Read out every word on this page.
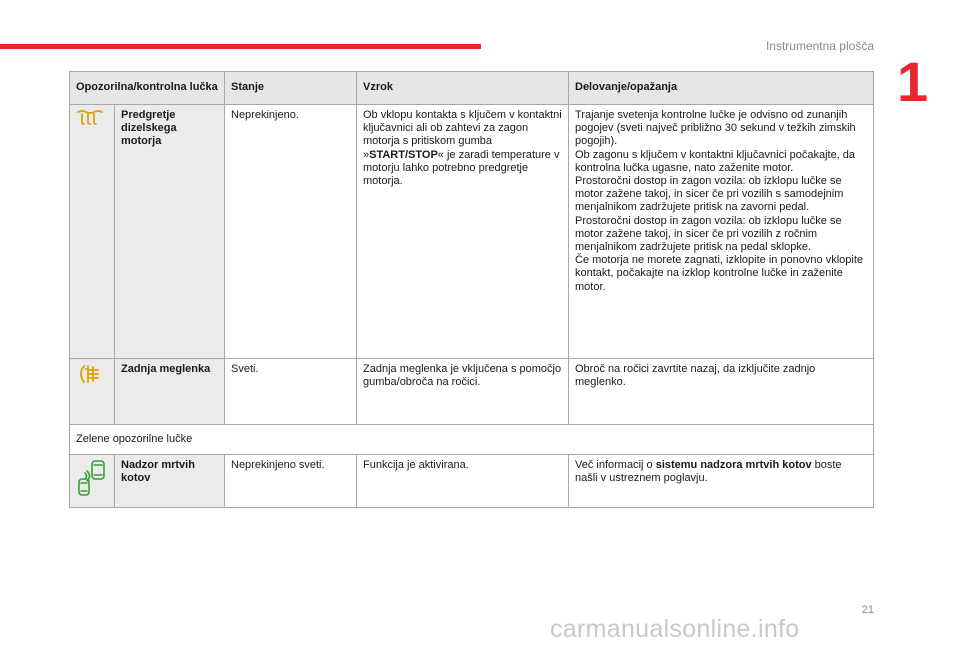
Instrumentna plošča
1
Opozorilna/kontrolna lučka		Stanje	Vzrok	Delovanje/opažanja
	Predgretje dizelskega motorja	Neprekinjeno.	Ob vklopu kontakta s ključem v kontaktni ključavnici ali ob zahtevi za zagon motorja s pritiskom gumba »START/STOP« je zaradi temperature v motorju lahko potrebno predgretje motorja.	Trajanje svetenja kontrolne lučke je odvisno od zunanjih pogojev (sveti največ približno 30 sekund v težkih zimskih pogojih).
Ob zagonu s ključem v kontaktni ključavnici počakajte, da kontrolna lučka ugasne, nato zaženite motor.
Prostoročni dostop in zagon vozila: ob izklopu lučke se motor zažene takoj, in sicer če pri vozilih s samodejnim menjalnikom zadržujete pritisk na zavorni pedal.
Prostoročni dostop in zagon vozila: ob izklopu lučke se motor zažene takoj, in sicer če pri vozilih z ročnim menjalnikom zadržujete pritisk na pedal sklopke.
Če motorja ne morete zagnati, izklopite in ponovno vklopite kontakt, počakajte na izklop kontrolne lučke in zaženite motor.

	Zadnja meglenka	Sveti.	Zadnja meglenka je vključena s pomočjo gumba/obroča na ročici.	Obroč na ročici zavrtite nazaj, da izključite zadnjo meglenko.
Zelene opozorilne lučke				
	Nadzor mrtvih kotov	Neprekinjeno sveti.	Funkcija je aktivirana.	Več informacij o sistemu nadzora mrtvih kotov boste našli v ustreznem poglavju.
21
carmanualsonline.info
